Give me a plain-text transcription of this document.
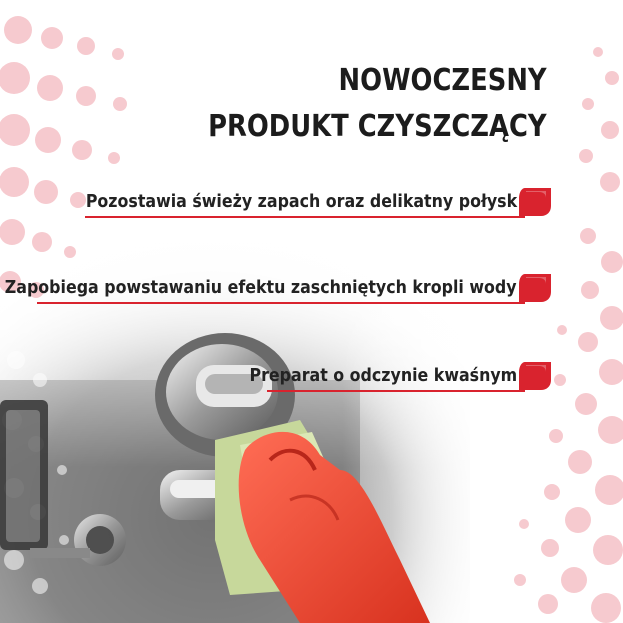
NOWOCZESNY
PRODUKT CZYSZCZĄCY
Pozostawia świeży zapach oraz delikatny połysk
Zapobiega powstawaniu efektu zaschniętych kropli wody
Preparat o odczynie kwaśnym
